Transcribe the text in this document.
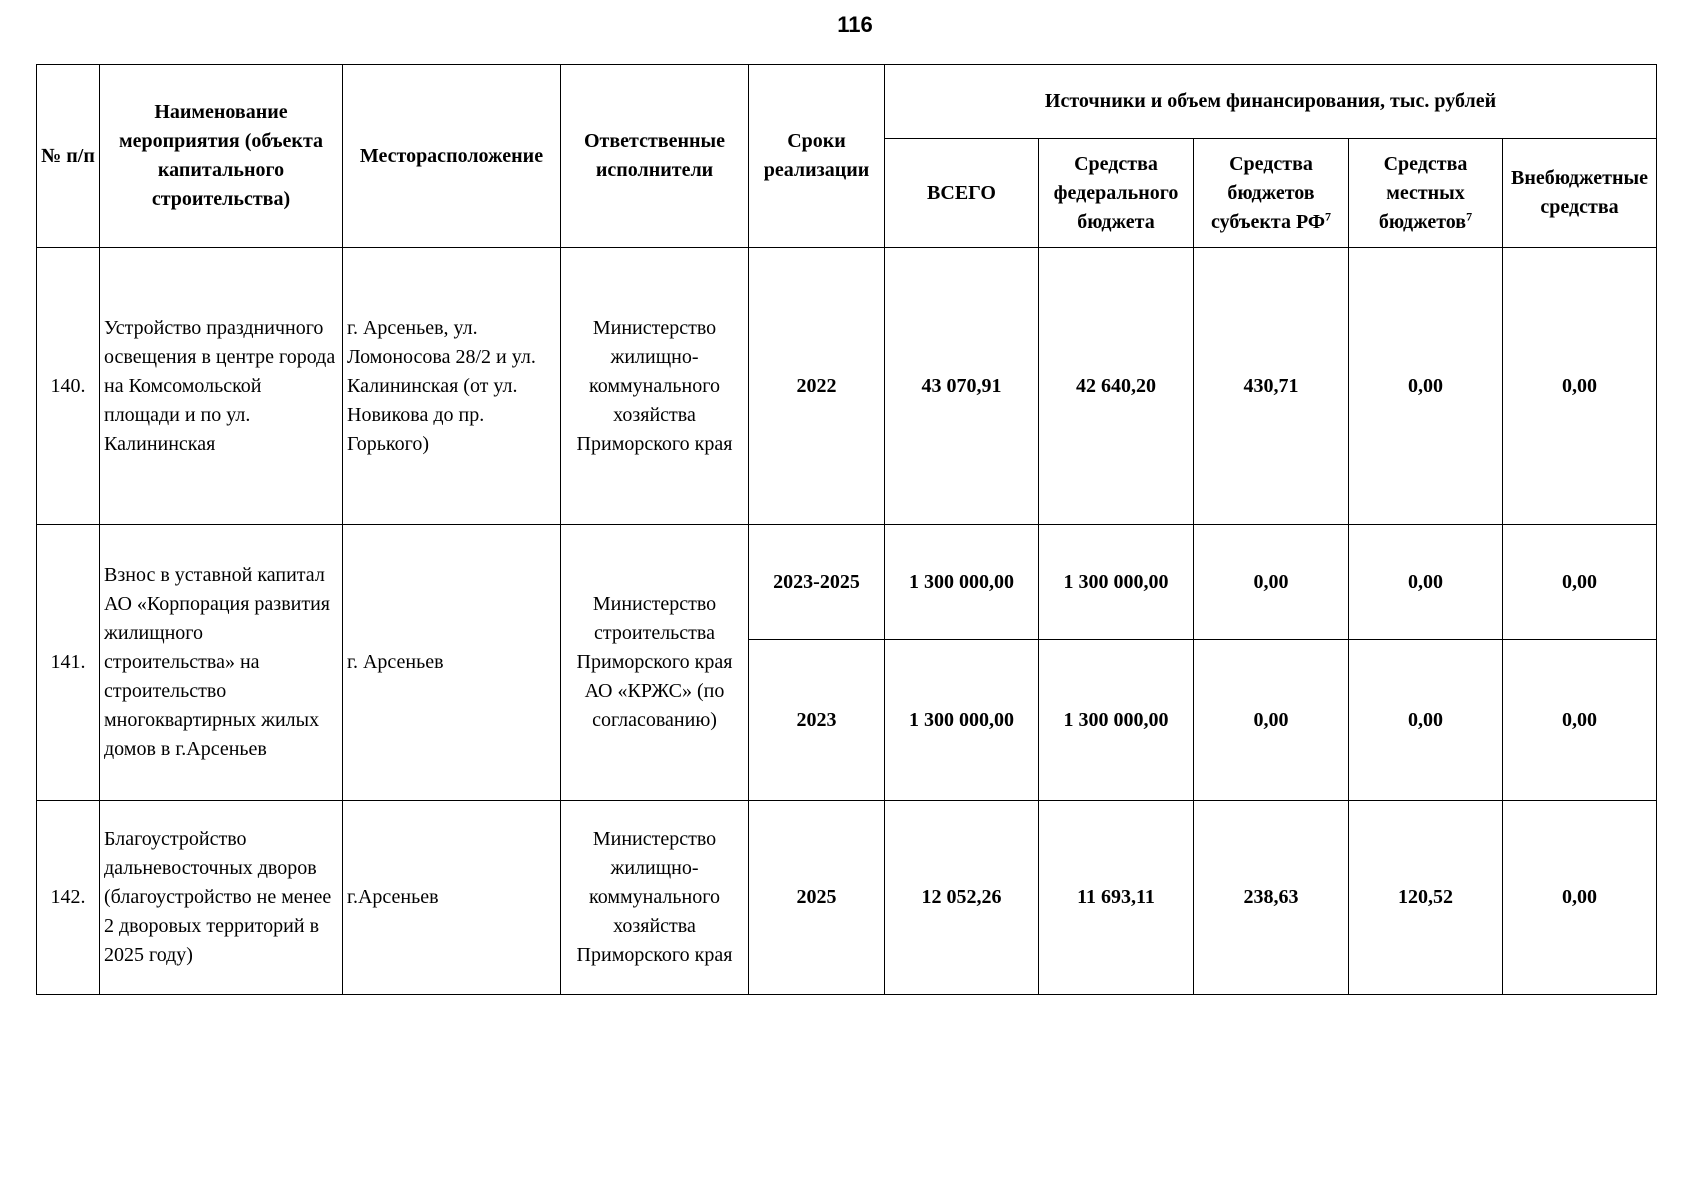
116
№ п/п	Наименование мероприятия (объекта капитального строительства)	Месторасположение	Ответственные исполнители	Сроки реализации	Источники и объем финансирования, тыс. рублей				
					ВСЕГО	Средства федерального бюджета	Средства бюджетов субъекта $РФ^7$	Средства местных бюджетов$^7$	Внебюджетные средства
140.	Устройство праздничного освещения в центре города на Комсомольской площади и по ул. Калининская	г. Арсеньев, ул. Ломоносова 28/2 и ул. Калининская (от ул. Новикова до пр. Горького)	Министерство жилищно-коммунального хозяйства Приморского края	2022	43 070,91	42 640,20	430,71	0,00	0,00
141.	Взнос в уставной капитал АО «Корпорация развития жилищного строительства» на строительство многоквартирных жилых домов в г.Арсеньев	г. Арсеньев	Министерство строительства Приморского края АО «КРЖС» (по согласованию)	2023-2025	1 300 000,00	1 300 000,00	0,00	0,00	0,00
				2023	1 300 000,00	1 300 000,00	0,00	0,00	0,00
142.	Благоустройство дальневосточных дворов (благоустройство не менее 2 дворовых территорий в 2025 году)	г.Арсеньев	Министерство жилищно-коммунального хозяйства Приморского края	2025	12 052,26	11 693,11	238,63	120,52	0,00
